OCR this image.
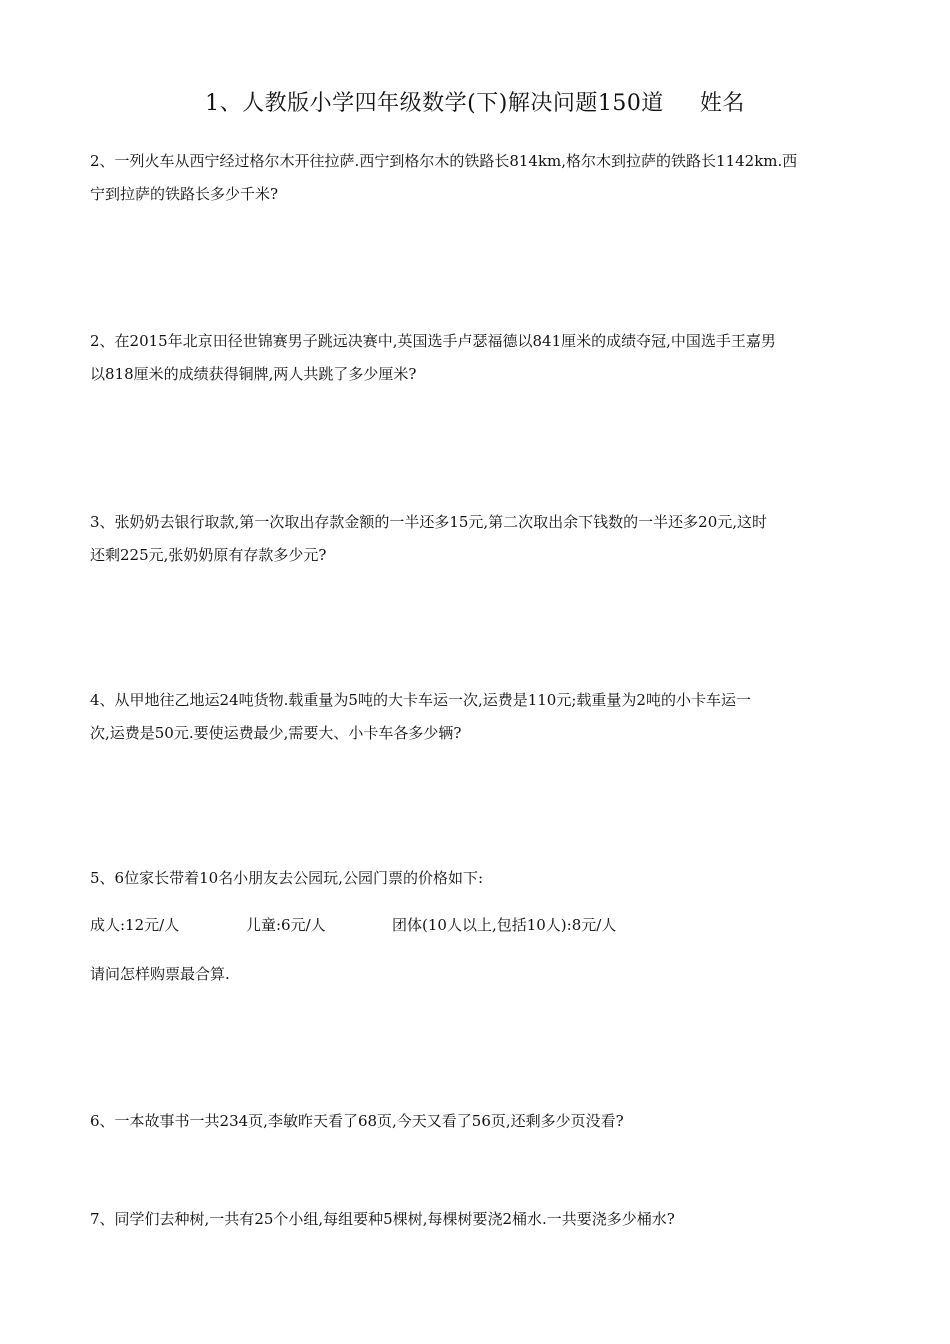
1、人教版小学四年级数学(下)解决问题150道 姓名
2、一列火车从西宁经过格尔木开往拉萨.西宁到格尔木的铁路长814km,格尔木到拉萨的铁路长1142km.西
宁到拉萨的铁路长多少千米?
2、在2015年北京田径世锦赛男子跳远决赛中,英国选手卢瑟福德以841厘米的成绩夺冠,中国选手王嘉男
以818厘米的成绩获得铜牌,两人共跳了多少厘米?
3、张奶奶去银行取款,第一次取出存款金额的一半还多15元,第二次取出余下钱数的一半还多20元,这时
还剩225元,张奶奶原有存款多少元?
4、从甲地往乙地运24吨货物.载重量为5吨的大卡车运一次,运费是110元;载重量为2吨的小卡车运一
次,运费是50元.要使运费最少,需要大、小卡车各多少辆?
5、6位家长带着10名小朋友去公园玩,公园门票的价格如下:
成人:12元/人	儿童:6元/人	团体(10人以上,包括10人):8元/人
请问怎样购票最合算.
6、一本故事书一共234页,李敏昨天看了68页,今天又看了56页,还剩多少页没看?
7、同学们去种树,一共有25个小组,每组要种5棵树,每棵树要浇2桶水.一共要浇多少桶水?
